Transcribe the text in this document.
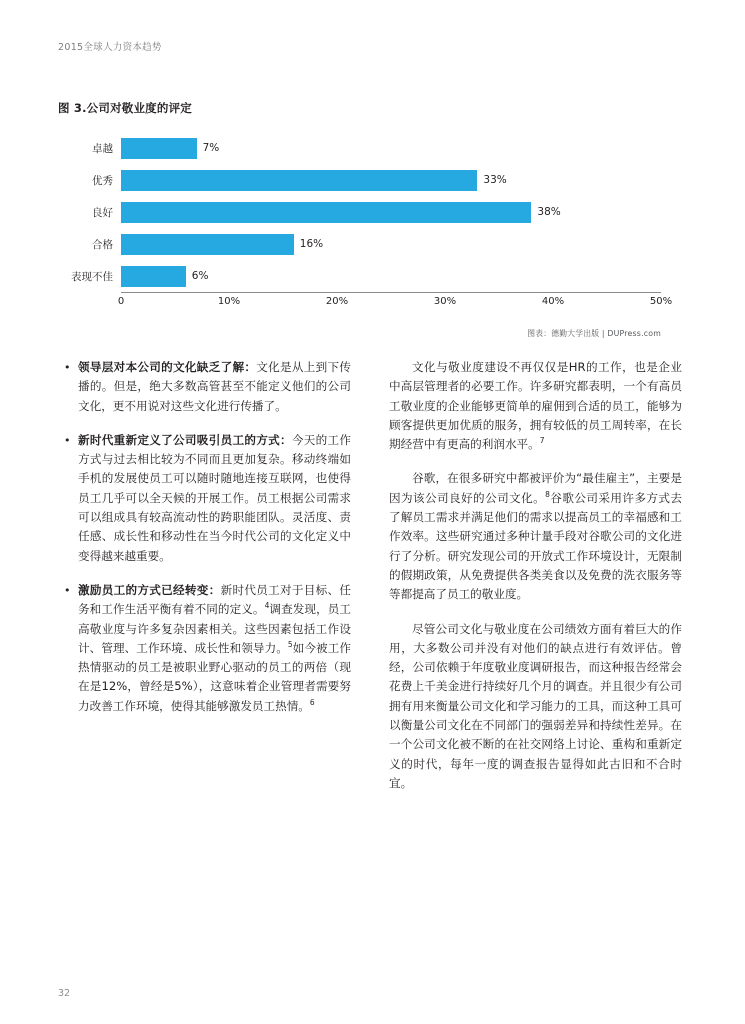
2015全球人力资本趋势
图 3.公司对敬业度的评定
卓越	7%
优秀	33%
良好	38%
合格	16%
表现不佳	6%
0	10%	20%	30%	40%	50%
图表：德勤大学出版 | DUPress.com
• 领导层对本公司的文化缺乏了解：文化是从上到下传播的。但是，绝大多数高管甚至不能定义他们的公司文化，更不用说对这些文化进行传播了。
• 新时代重新定义了公司吸引员工的方式：今天的工作方式与过去相比较为不同而且更加复杂。移动终端如手机的发展使员工可以随时随地连接互联网，也使得员工几乎可以全天候的开展工作。员工根据公司需求可以组成具有较高流动性的跨职能团队。灵活度、责任感、成长性和移动性在当今时代公司的文化定义中变得越来越重要。
• 激励员工的方式已经转变：新时代员工对于目标、任务和工作生活平衡有着不同的定义。$^4$调查发现，员工高敬业度与许多复杂因素相关。这些因素包括工作设计、管理、工作环境、成长性和领导力。$^5$如今被工作热情驱动的员工是被职业野心驱动的员工的两倍（现在是12%，曾经是5%），这意味着企业管理者需要努力改善工作环境，使得其能够激发员工热情。$^6$

文化与敬业度建设不再仅仅是HR的工作，也是企业中高层管理者的必要工作。许多研究都表明，一个有高员工敬业度的企业能够更简单的雇佣到合适的员工，能够为顾客提供更加优质的服务，拥有较低的员工周转率，在长期经营中有更高的利润水平。$^7$

谷歌，在很多研究中都被评价为“最佳雇主”，主要是因为该公司良好的公司文化。$^8$谷歌公司采用许多方式去了解员工需求并满足他们的需求以提高员工的幸福感和工作效率。这些研究通过多种计量手段对谷歌公司的文化进行了分析。研究发现公司的开放式工作环境设计，无限制的假期政策，从免费提供各类美食以及免费的洗衣服务等等都提高了员工的敬业度。

尽管公司文化与敬业度在公司绩效方面有着巨大的作用，大多数公司并没有对他们的缺点进行有效评估。曾经，公司依赖于年度敬业度调研报告，而这种报告经常会花费上千美金进行持续好几个月的调查。并且很少有公司拥有用来衡量公司文化和学习能力的工具，而这种工具可以衡量公司文化在不同部门的强弱差异和持续性差异。在一个公司文化被不断的在社交网络上讨论、重构和重新定义的时代，每年一度的调查报告显得如此古旧和不合时宜。

32
